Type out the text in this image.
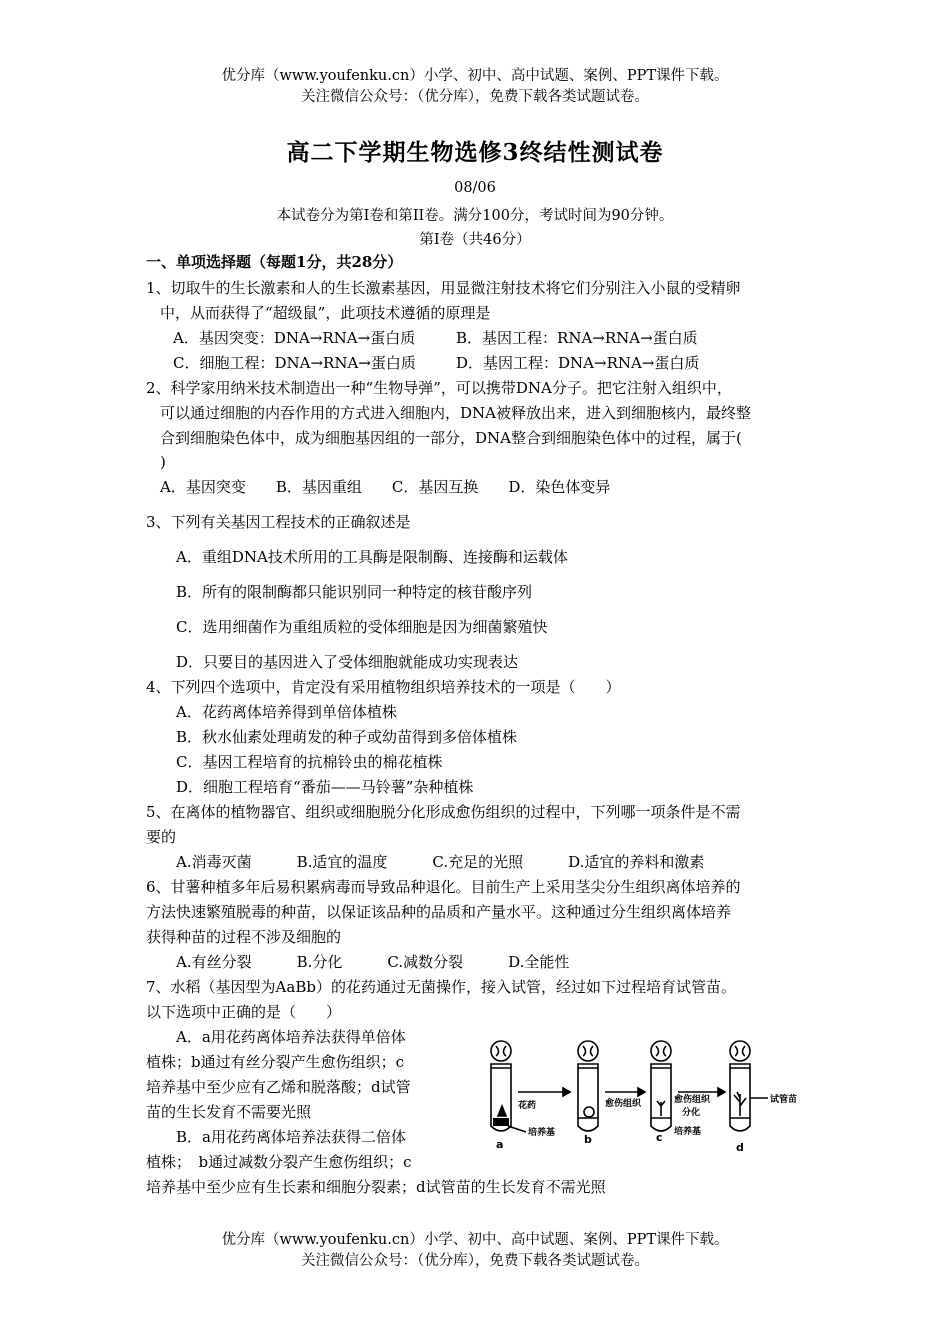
优分库（www.youfenku.cn）小学、初中、高中试题、案例、PPT课件下载。
关注微信公众号：（优分库），免费下载各类试题试卷。
高二下学期生物选修3终结性测试卷
08/06
本试卷分为第Ⅰ卷和第II卷。满分100分，考试时间为90分钟。
第Ⅰ卷（共46分）
一、单项选择题（每题1分，共28分）
1、切取牛的生长激素和人的生长激素基因，用显微注射技术将它们分别注入小鼠的受精卵
中，从而获得了“超级鼠”，此项技术遵循的原理是
A．基因突变：DNA→RNA→蛋白质	B．基因工程：RNA→RNA→蛋白质
C．细胞工程：DNA→RNA→蛋白质	D．基因工程：DNA→RNA→蛋白质
2、科学家用纳米技术制造出一种“生物导弹”，可以携带DNA分子。把它注射入组织中，
可以通过细胞的内吞作用的方式进入细胞内，DNA被释放出来，进入到细胞核内，最终整
合到细胞染色体中，成为细胞基因组的一部分，DNA整合到细胞染色体中的过程，属于(
)
A．基因突变　　B．基因重组　　C．基因互换　　D．染色体变异
3、下列有关基因工程技术的正确叙述是
A．重组DNA技术所用的工具酶是限制酶、连接酶和运载体
B．所有的限制酶都只能识别同一种特定的核苷酸序列
C．选用细菌作为重组质粒的受体细胞是因为细菌繁殖快
D．只要目的基因进入了受体细胞就能成功实现表达
4、下列四个选项中，肯定没有采用植物组织培养技术的一项是（　　）
A．花药离体培养得到单倍体植株
B．秋水仙素处理萌发的种子或幼苗得到多倍体植株
C．基因工程培育的抗棉铃虫的棉花植株
D．细胞工程培育“番茄——马铃薯”杂种植株
5、在离体的植物器官、组织或细胞脱分化形成愈伤组织的过程中，下列哪一项条件是不需
要的
A.消毒灭菌　　　B.适宜的温度　　　C.充足的光照　　　D.适宜的养料和激素
6、甘薯种植多年后易积累病毒而导致品种退化。目前生产上采用茎尖分生组织离体培养的
方法快速繁殖脱毒的种苗，以保证该品种的品质和产量水平。这种通过分生组织离体培养
获得种苗的过程不涉及细胞的
A.有丝分裂　　　B.分化　　　C.减数分裂　　　D.全能性
7、水稻（基因型为AaBb）的花药通过无菌操作，接入试管，经过如下过程培育试管苗。
以下选项中正确的是（　　）
A．a用花药离体培养法获得单倍体
植株；b通过有丝分裂产生愈伤组织；c
培养基中至少应有乙烯和脱落酸；d试管
苗的生长发育不需要光照
B．a用花药离体培养法获得二倍体
植株；　b通过减数分裂产生愈伤组织；c
培养基中至少应有生长素和细胞分裂素；d试管苗的生长发育不需光照
花药
培养基
愈伤组织	愈伤组织
分化
培养基
试管苗
a	b	c
d
优分库（www.youfenku.cn）小学、初中、高中试题、案例、PPT课件下载。
关注微信公众号：（优分库），免费下载各类试题试卷。
